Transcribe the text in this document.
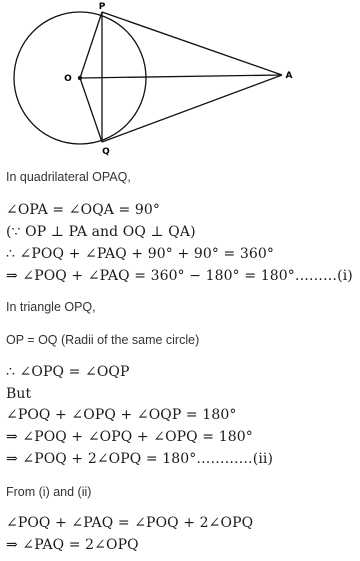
P
O	A
Q
In quadrilateral OPAQ,
∠OPA = ∠OQA = 90°
(∵ OP ⊥ PA and OQ ⊥ QA)
∴ ∠POQ + ∠PAQ + 90° + 90° = 360°
⇒ ∠POQ + ∠PAQ = 360° − 180° = 180°………(i)
In triangle OPQ,
OP = OQ (Radii of the same circle)
∴ ∠OPQ = ∠OQP
But
∠POQ + ∠OPQ + ∠OQP = 180°
⇒ ∠POQ + ∠OPQ + ∠OPQ = 180°
⇒ ∠POQ + 2∠OPQ = 180°…………(ii)
From (i) and (ii)
∠POQ + ∠PAQ = ∠POQ + 2∠OPQ
⇒ ∠PAQ = 2∠OPQ
